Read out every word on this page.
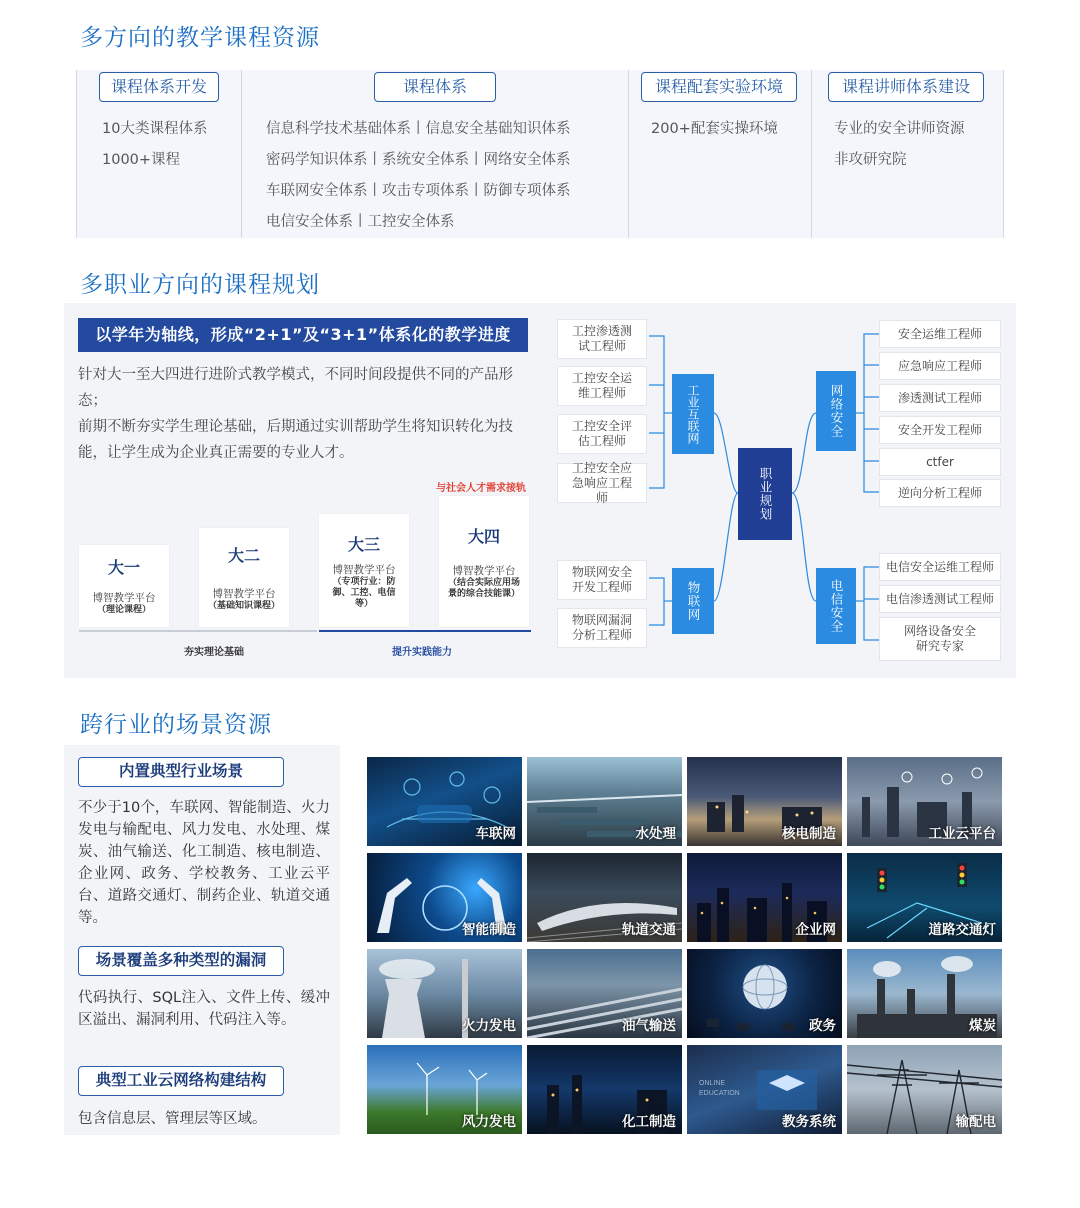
多方向的教学课程资源
课程体系开发
10大类课程体系
1000+课程
课程体系
信息科学技术基础体系丨信息安全基础知识体系
密码学知识体系丨系统安全体系丨网络安全体系
车联网安全体系丨攻击专项体系丨防御专项体系
电信安全体系丨工控安全体系
课程配套实验环境
200+配套实操环境
课程讲师体系建设
专业的安全讲师资源
非攻研究院
多职业方向的课程规划
以学年为轴线，形成“2+1”及“3+1”体系化的教学进度
针对大一至大四进行进阶式教学模式，不同时间段提供不同的产品形态；
前期不断夯实学生理论基础，后期通过实训帮助学生将知识转化为技能，让学生成为企业真正需要的专业人才。
与社会人才需求接轨
大一
博智教学平台
（理论课程）
大二
博智教学平台
（基础知识课程）
大三
博智教学平台
（专项行业：防御、工控、电信等）
大四
博智教学平台
（结合实际应用场景的综合技能课）
夯实理论基础	提升实践能力
工控渗透测试工程师
工控安全运维工程师
工控安全评估工程师
工控安全应急响应工程师
物联网安全开发工程师
物联网漏洞分析工程师
工业互联网
物联网
职业规划
网络安全
电信安全
安全运维工程师
应急响应工程师
渗透测试工程师
安全开发工程师
ctfer
逆向分析工程师
电信安全运维工程师
电信渗透测试工程师
网络设备安全研究专家
跨行业的场景资源
内置典型行业场景
不少于10个，车联网、智能制造、火力发电与输配电、风力发电、水处理、煤炭、油气输送、化工制造、核电制造、企业网、政务、学校教务、工业云平台、道路交通灯、制药企业、轨道交通等。
场景覆盖多种类型的漏洞
代码执行、SQL注入、文件上传、缓冲区溢出、漏洞利用、代码注入等。
典型工业云网络构建结构
包含信息层、管理层等区域。
车联网	水处理	核电制造	工业云平台
智能制造	轨道交通	企业网	道路交通灯
火力发电	油气输送	政务	煤炭
风力发电	化工制造
ONLINE
EDUCATION
教务系统	输配电
